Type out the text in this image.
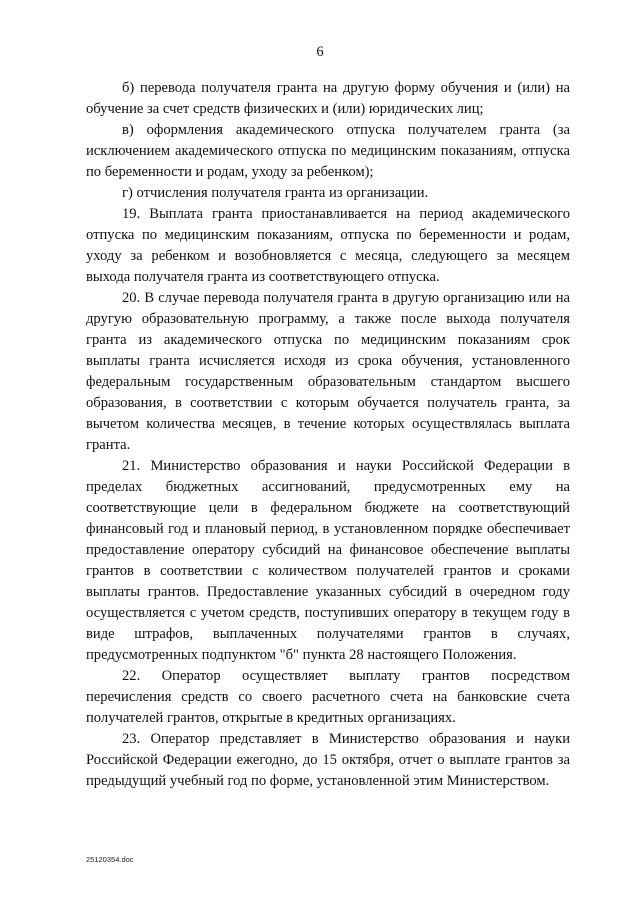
6

б) перевода получателя гранта на другую форму обучения и (или) на обучение за счет средств физических и (или) юридических лиц;

в) оформления академического отпуска получателем гранта (за исключением академического отпуска по медицинским показаниям, отпуска по беременности и родам, уходу за ребенком);

г) отчисления получателя гранта из организации.

19. Выплата гранта приостанавливается на период академического отпуска по медицинским показаниям, отпуска по беременности и родам, уходу за ребенком и возобновляется с месяца, следующего за месяцем выхода получателя гранта из соответствующего отпуска.

20. В случае перевода получателя гранта в другую организацию или на другую образовательную программу, а также после выхода получателя гранта из академического отпуска по медицинским показаниям срок выплаты гранта исчисляется исходя из срока обучения, установленного федеральным государственным образовательным стандартом высшего образования, в соответствии с которым обучается получатель гранта, за вычетом количества месяцев, в течение которых осуществлялась выплата гранта.

21. Министерство образования и науки Российской Федерации в пределах бюджетных ассигнований, предусмотренных ему на соответствующие цели в федеральном бюджете на соответствующий финансовый год и плановый период, в установленном порядке обеспечивает предоставление оператору субсидий на финансовое обеспечение выплаты грантов в соответствии с количеством получателей грантов и сроками выплаты грантов. Предоставление указанных субсидий в очередном году осуществляется с учетом средств, поступивших оператору в текущем году в виде штрафов, выплаченных получателями грантов в случаях, предусмотренных подпунктом "б" пункта 28 настоящего Положения.

22. Оператор осуществляет выплату грантов посредством перечисления средств со своего расчетного счета на банковские счета получателей грантов, открытые в кредитных организациях.

23. Оператор представляет в Министерство образования и науки Российской Федерации ежегодно, до 15 октября, отчет о выплате грантов за предыдущий учебный год по форме, установленной этим Министерством.

25120354.doc
